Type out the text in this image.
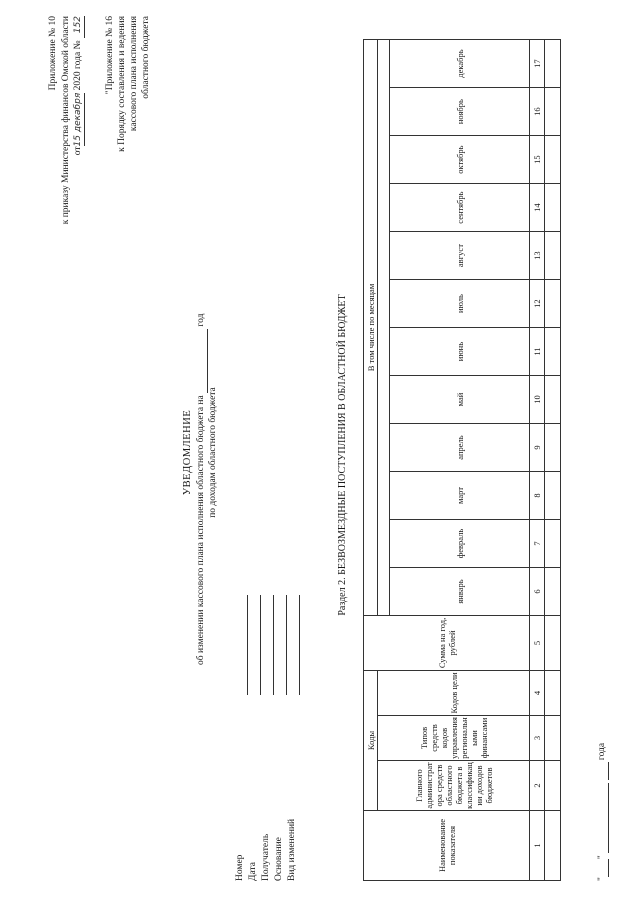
Приложение № 10 к приказу Министерства финансов Омской области от15 декабря 2020 года № 152 "Приложение № 16 к Порядку составления и ведения кассового плана исполнения областного бюджета
УВЕДОМЛЕНИЕ об изменении кассового плана исполнения областного бюджета на   год
по доходам областного бюджета
Номер Дата Получатель Основание Вид изменений
Раздел 2. БЕЗВОЗМЕЗДНЫЕ ПОСТУПЛЕНИЯ В ОБЛАСТНОЙ БЮДЖЕТ
Наименование показателя	Коды			Сумма на год, рублей	В том числе по месяцам											
	Главного администратора средств областного бюджета в классификации доходов бюджетов	Типов средств кодов управления региональными финансами	Кодов цели													
					январь	февраль	март	апрель	май	июнь	июль	август	сентябрь	октябрь	ноябрь	декабрь
1	2	3	4	5	6	7	8	9	10	11	12	13	14	15	16	17

" "     года
